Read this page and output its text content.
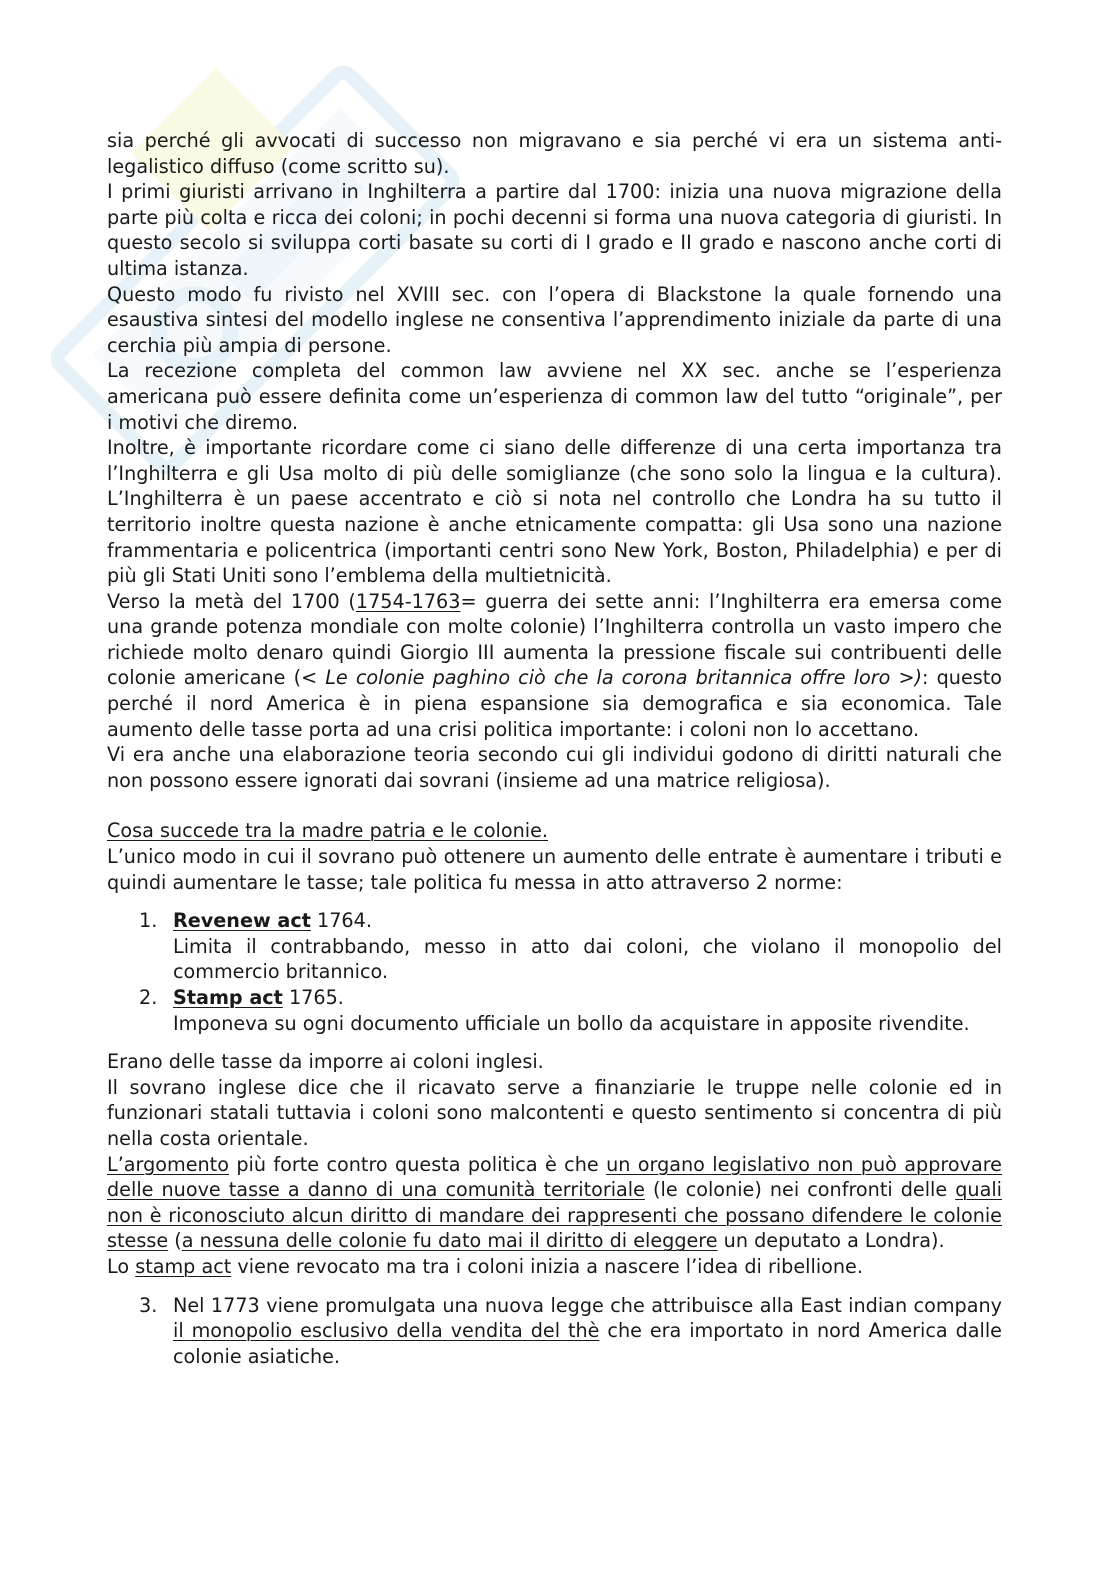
sia perché gli avvocati di successo non migravano e sia perché vi era un sistema anti-legalistico diffuso (come scritto su).

I primi giuristi arrivano in Inghilterra a partire dal 1700: inizia una nuova migrazione della parte più colta e ricca dei coloni; in pochi decenni si forma una nuova categoria di giuristi. In questo secolo si sviluppa corti basate su corti di I grado e II grado e nascono anche corti di ultima istanza.

Questo modo fu rivisto nel XVIII sec. con l’opera di Blackstone la quale fornendo una esaustiva sintesi del modello inglese ne consentiva l’apprendimento iniziale da parte di una cerchia più ampia di persone.

La recezione completa del common law avviene nel XX sec. anche se l’esperienza americana può essere definita come un’esperienza di common law del tutto “originale”, per i motivi che diremo.

Inoltre, è importante ricordare come ci siano delle differenze di una certa importanza tra l’Inghilterra e gli Usa molto di più delle somiglianze (che sono solo la lingua e la cultura). L’Inghilterra è un paese accentrato e ciò si nota nel controllo che Londra ha su tutto il territorio inoltre questa nazione è anche etnicamente compatta: gli Usa sono una nazione frammentaria e policentrica (importanti centri sono New York, Boston, Philadelphia) e per di più gli Stati Uniti sono l’emblema della multietnicità.

Verso la metà del 1700 (1754-1763= guerra dei sette anni: l’Inghilterra era emersa come una grande potenza mondiale con molte colonie) l’Inghilterra controlla un vasto impero che richiede molto denaro quindi Giorgio III aumenta la pressione fiscale sui contribuenti delle colonie americane (< Le colonie paghino ciò che la corona britannica offre loro >): questo perché il nord America è in piena espansione sia demografica e sia economica. Tale aumento delle tasse porta ad una crisi politica importante: i coloni non lo accettano.

Vi era anche una elaborazione teoria secondo cui gli individui godono di diritti naturali che non possono essere ignorati dai sovrani (insieme ad una matrice religiosa).

Cosa succede tra la madre patria e le colonie.

L’unico modo in cui il sovrano può ottenere un aumento delle entrate è aumentare i tributi e quindi aumentare le tasse; tale politica fu messa in atto attraverso 2 norme:

1. Revenew act 1764.
Limita il contrabbando, messo in atto dai coloni, che violano il monopolio del commercio britannico.
2. Stamp act 1765.
Imponeva su ogni documento ufficiale un bollo da acquistare in apposite rivendite.

Erano delle tasse da imporre ai coloni inglesi.

Il sovrano inglese dice che il ricavato serve a finanziarie le truppe nelle colonie ed in funzionari statali tuttavia i coloni sono malcontenti e questo sentimento si concentra di più nella costa orientale.

L’argomento più forte contro questa politica è che un organo legislativo non può approvare delle nuove tasse a danno di una comunità territoriale (le colonie) nei confronti delle quali non è riconosciuto alcun diritto di mandare dei rappresenti che possano difendere le colonie stesse (a nessuna delle colonie fu dato mai il diritto di eleggere un deputato a Londra).

Lo stamp act viene revocato ma tra i coloni inizia a nascere l’idea di ribellione.

3. Nel 1773 viene promulgata una nuova legge che attribuisce alla East indian company il monopolio esclusivo della vendita del thè che era importato in nord America dalle colonie asiatiche.
